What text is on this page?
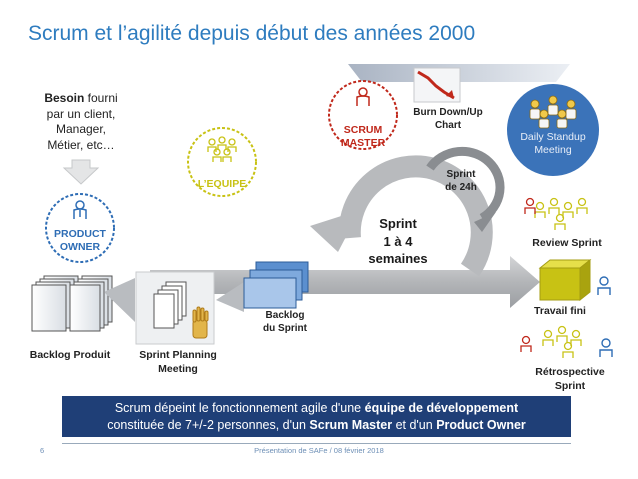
Scrum et l’agilité depuis début des années 2000
Besoin fourni
par un client,
Manager,
Métier, etc…
PRODUCT
OWNER
L’EQUIPE
SCRUM
MASTER
Burn Down/Up
Chart
Daily Standup
Meeting
Sprint
de 24h
Sprint
1 à 4
semaines
Backlog
du Sprint
Backlog Produit	Sprint Planning
Meeting
Review Sprint
Travail fini
Rétrospective
Sprint
Scrum dépeint le fonctionnement agile d'une équipe de développement
constituée de 7+/-2 personnes, d'un Scrum Master et d'un Product Owner
6	Présentation de SAFe / 08 février 2018
